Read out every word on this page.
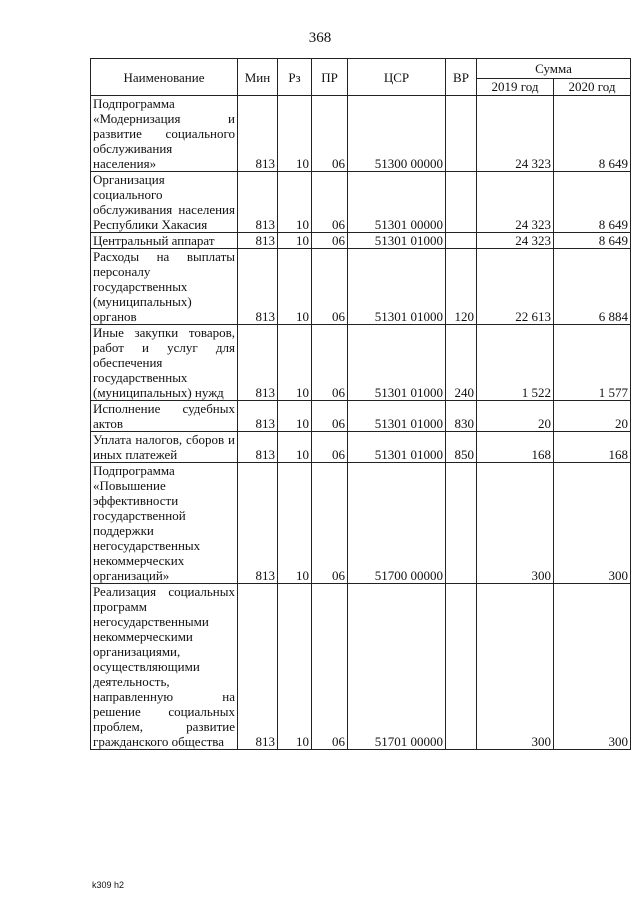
368
Наименование	Мин	Рз	ПР	ЦСР	ВР	Сумма	
						2019 год	2020 год
Подпрограмма «Модернизация и развитие социального обслуживания населения»	813	10	06	51300 00000		24 323	8 649
Организация социального обслуживания населения Республики Хакасия	813	10	06	51301 00000		24 323	8 649
Центральный аппарат	813	10	06	51301 01000		24 323	8 649
Расходы на выплаты персоналу государственных (муниципальных) органов	813	10	06	51301 01000	120	22 613	6 884
Иные закупки товаров, работ и услуг для обеспечения государственных (муниципальных) нужд	813	10	06	51301 01000	240	1 522	1 577
Исполнение судебных актов	813	10	06	51301 01000	830	20	20
Уплата налогов, сборов и иных платежей	813	10	06	51301 01000	850	168	168
Подпрограмма «Повышение эффективности государственной поддержки негосударственных некоммерческих организаций»	813	10	06	51700 00000		300	300
Реализация социальных программ негосударственными некоммерческими организациями, осуществляющими деятельность, направленную на решение социальных проблем, развитие гражданского общества	813	10	06	51701 00000		300	300
k309 h2
